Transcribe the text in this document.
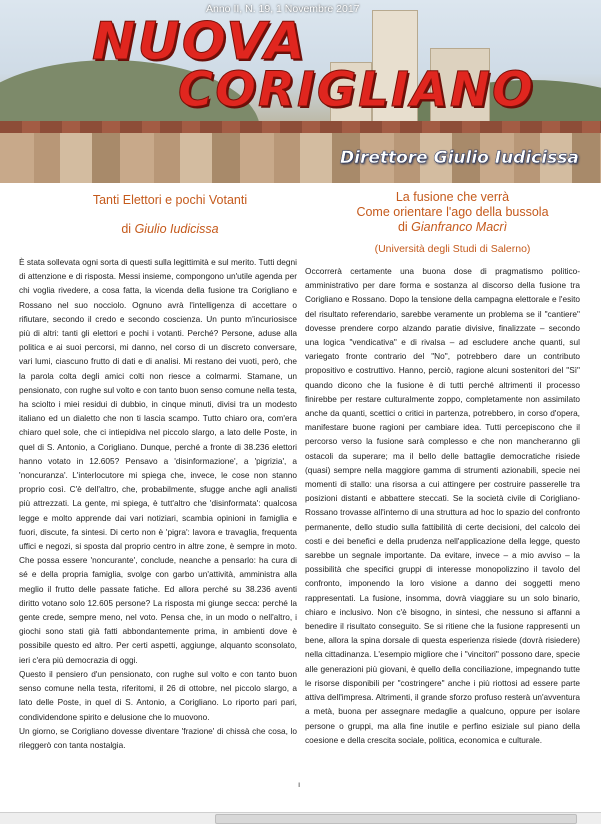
Anno II, N. 19, 1 Novembre 2017
NUOVA
CORIGLIANO
Direttore Giulio Iudicissa
Tanti Elettori e pochi Votanti
di Giulio Iudicissa
La fusione che verrà
Come orientare l'ago della bussola
di Gianfranco Macrì
(Università degli Studi di Salerno)

È stata sollevata ogni sorta di questi sulla legittimità e sul merito. Tutti degni di attenzione e di risposta. Messi insieme, compongono un'utile agenda per chi voglia rivedere, a cosa fatta, la vicenda della fusione tra Corigliano e Rossano nel suo nocciolo. Ognuno avrà l'intelligenza di accettare o rifiutare, secondo il credo e secondo coscienza. Un punto m'incuriosisce più di altri: tanti gli elettori e pochi i votanti. Perché? Persone, aduse alla politica e ai suoi percorsi, mi danno, nel corso di un discreto conversare, vari lumi, ciascuno frutto di dati e di analisi. Mi restano dei vuoti, però, che la parola colta degli amici colti non riesce a colmarmi. Stamane, un pensionato, con rughe sul volto e con tanto buon senso comune nella testa, ha sciolto i miei residui di dubbio, in cinque minuti, divisi tra un modesto italiano ed un dialetto che non ti lascia scampo. Tutto chiaro ora, com'era chiaro quel sole, che ci intiepidiva nel piccolo slargo, a lato delle Poste, in quel di S. Antonio, a Corigliano. Dunque, perché a fronte di 38.236 elettori hanno votato in 12.605? Pensavo a 'disinformazione', a 'pigrizia', a 'noncuranza'. L'interlocutore mi spiega che, invece, le cose non stanno proprio così. C'è dell'altro, che, probabilmente, sfugge anche agli analisti più attrezzati. La gente, mi spiega, è tutt'altro che 'disinformata': qualcosa legge e molto apprende dai vari notiziari, scambia opinioni in famiglia e fuori, discute, fa sintesi. Di certo non è 'pigra': lavora e travaglia, frequenta uffici e negozi, si sposta dal proprio centro in altre zone, è sempre in moto. Che possa essere 'noncurante', conclude, neanche a pensarlo: ha cura di sé e della propria famiglia, svolge con garbo un'attività, amministra alla meglio il frutto delle passate fatiche. Ed allora perché su 38.236 aventi diritto votano solo 12.605 persone? La risposta mi giunge secca: perché la gente crede, sempre meno, nel voto. Pensa che, in un modo o nell'altro, i giochi sono stati già fatti abbondantemente prima, in ambienti dove è possibile questo ed altro. Per certi aspetti, aggiunge, alquanto sconsolato, ieri c'era più democrazia di oggi.

Questo il pensiero d'un pensionato, con rughe sul volto e con tanto buon senso comune nella testa, riferitomi, il 26 di ottobre, nel piccolo slargo, a lato delle Poste, in quel di S. Antonio, a Corigliano. Lo riporto pari pari, condividendone spirito e delusione che lo muovono.

Un giorno, se Corigliano dovesse diventare 'frazione' di chissà che cosa, lo rileggerò con tanta nostalgia.

Occorrerà certamente una buona dose di pragmatismo politico-amministrativo per dare forma e sostanza al discorso della fusione tra Corigliano e Rossano. Dopo la tensione della campagna elettorale e l'esito del risultato referendario, sarebbe veramente un problema se il "cantiere" dovesse prendere corpo alzando paratie divisive, finalizzate – secondo una logica "vendicativa" e di rivalsa – ad escludere anche quanti, sul variegato fronte contrario del "No", potrebbero dare un contributo propositivo e costruttivo. Hanno, perciò, ragione alcuni sostenitori del "Sì" quando dicono che la fusione è di tutti perché altrimenti il processo finirebbe per restare culturalmente zoppo, completamente non assimilato anche da quanti, scettici o critici in partenza, potrebbero, in corso d'opera, manifestare buone ragioni per cambiare idea. Tutti percepiscono che il percorso verso la fusione sarà complesso e che non mancheranno gli ostacoli da superare; ma il bello delle battaglie democratiche risiede (quasi) sempre nella maggiore gamma di strumenti azionabili, specie nei momenti di stallo: una risorsa a cui attingere per costruire passerelle tra posizioni distanti e abbattere steccati. Se la società civile di Corigliano-Rossano trovasse all'interno di una struttura ad hoc lo spazio del confronto permanente, dello studio sulla fattibilità di certe decisioni, del calcolo dei costi e dei benefici e della prudenza nell'applicazione della legge, questo sarebbe un segnale importante. Da evitare, invece – a mio avviso – la possibilità che specifici gruppi di interesse monopolizzino il tavolo del confronto, imponendo la loro visione a danno dei soggetti meno rappresentati. La fusione, insomma, dovrà viaggiare su un solo binario, chiaro e inclusivo. Non c'è bisogno, in sintesi, che nessuno si affanni a benedire il risultato conseguito. Se si ritiene che la fusione rappresenti un bene, allora la spina dorsale di questa esperienza risiede (dovrà risiedere) nella cittadinanza. L'esempio migliore che i "vincitori" possono dare, specie alle generazioni più giovani, è quello della conciliazione, impegnando tutte le risorse disponibili per "costringere" anche i più riottosi ad essere parte attiva dell'impresa. Altrimenti, il grande sforzo profuso resterà un'avventura a metà, buona per assegnare medaglie a qualcuno, oppure per isolare persone o gruppi, ma alla fine inutile e perfino esiziale sul piano della coesione e della crescita sociale, politica, economica e culturale.

ı
